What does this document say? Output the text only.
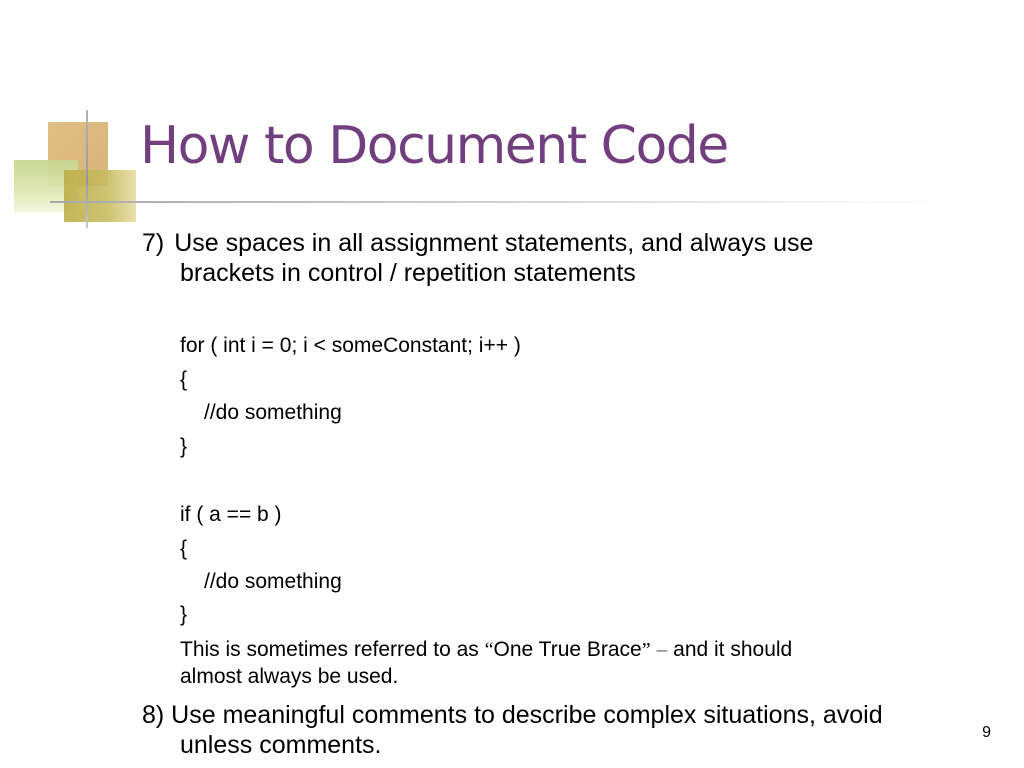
How to Document Code
7) Use spaces in all assignment statements, and always use
brackets in control / repetition statements
for ( int i = 0; i < someConstant; i++ )
{
//do something
}
if ( a == b )
{
//do something
}
This is sometimes referred to as “One True Brace” – and it should
almost always be used.
8) Use meaningful comments to describe complex situations, avoid
unless comments.	9
